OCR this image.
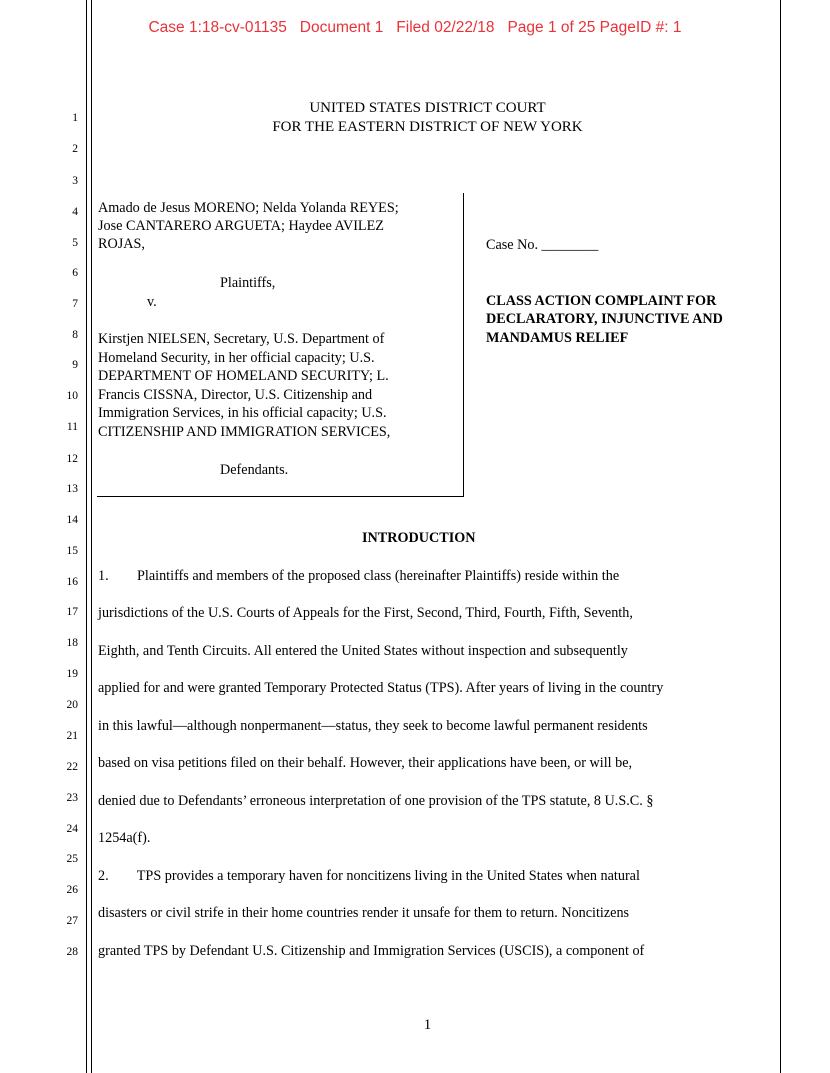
Case 1:18-cv-01135   Document 1   Filed 02/22/18   Page 1 of 25 PageID #: 1
1
2
3
4
5
6
7
8
9
10
11
12
13
14
15
16
17
18
19
20
21
22
23
24
25
26
27
28
UNITED STATES DISTRICT COURT
FOR THE EASTERN DISTRICT OF NEW YORK
Amado de Jesus MORENO; Nelda Yolanda REYES;
Jose CANTARERO ARGUETA; Haydee AVILEZ
ROJAS,
Plaintiffs,
v.
Kirstjen NIELSEN, Secretary, U.S. Department of
Homeland Security, in her official capacity; U.S.
DEPARTMENT OF HOMELAND SECURITY; L.
Francis CISSNA, Director, U.S. Citizenship and
Immigration Services, in his official capacity; U.S.
CITIZENSHIP AND IMMIGRATION SERVICES,
Defendants.
Case No. ________
CLASS ACTION COMPLAINT FOR
DECLARATORY, INJUNCTIVE AND
MANDAMUS RELIEF
INTRODUCTION
1.        Plaintiffs and members of the proposed class (hereinafter Plaintiffs) reside within the
jurisdictions of the U.S. Courts of Appeals for the First, Second, Third, Fourth, Fifth, Seventh,
Eighth, and Tenth Circuits. All entered the United States without inspection and subsequently
applied for and were granted Temporary Protected Status (TPS). After years of living in the country
in this lawful—although nonpermanent—status, they seek to become lawful permanent residents
based on visa petitions filed on their behalf. However, their applications have been, or will be,
denied due to Defendants’ erroneous interpretation of one provision of the TPS statute, 8 U.S.C. §
1254a(f).
2.        TPS provides a temporary haven for noncitizens living in the United States when natural
disasters or civil strife in their home countries render it unsafe for them to return. Noncitizens
granted TPS by Defendant U.S. Citizenship and Immigration Services (USCIS), a component of
1
